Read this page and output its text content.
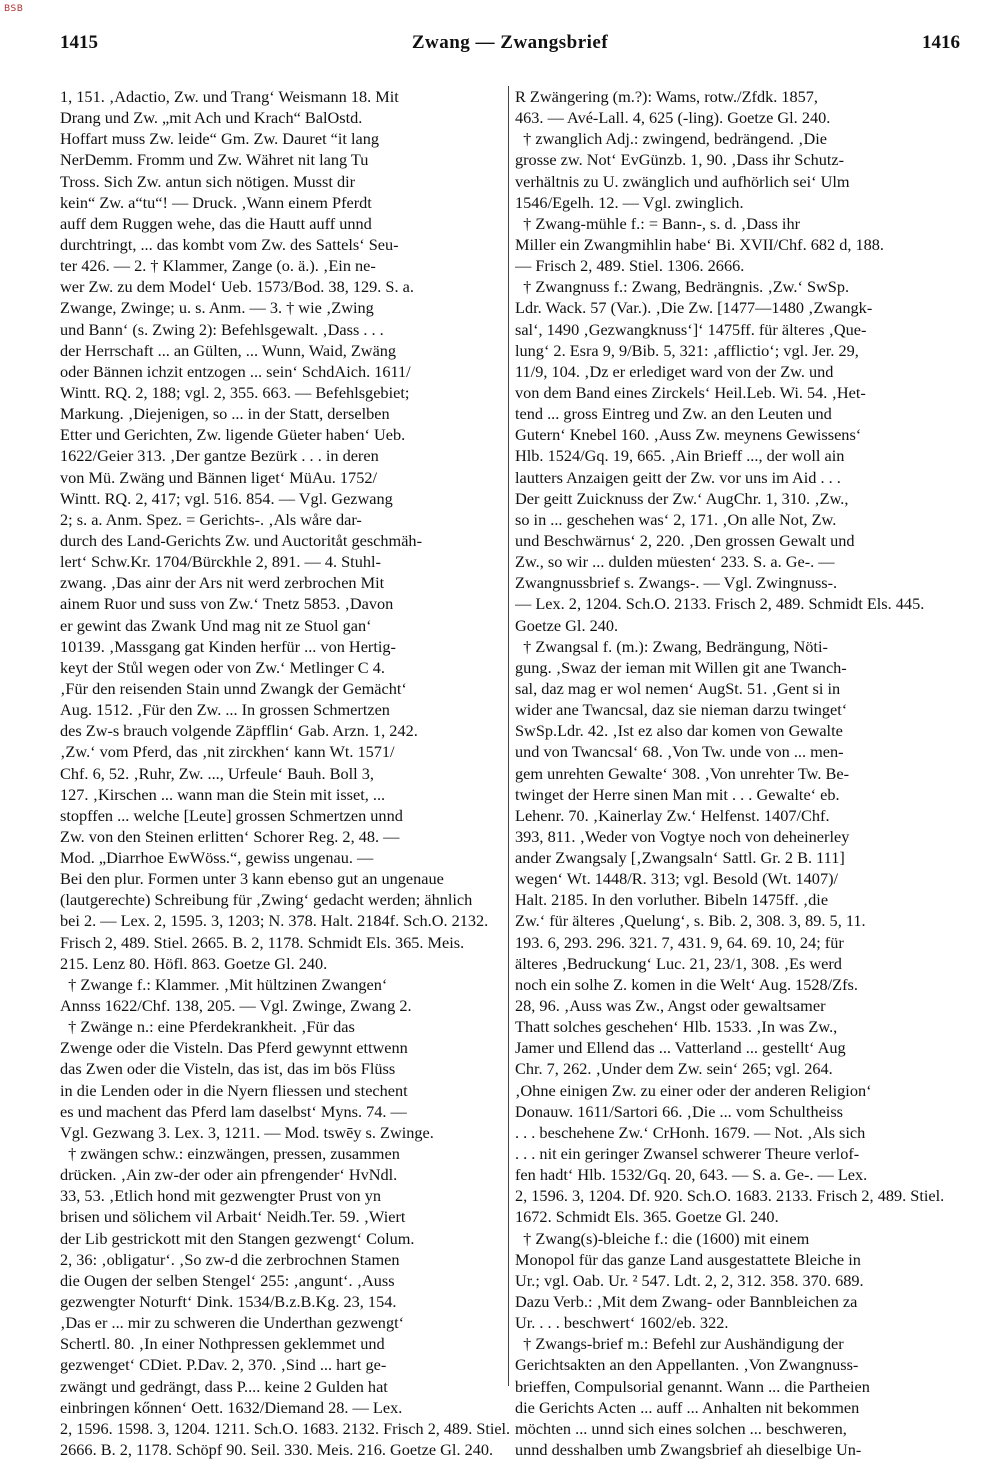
BSB
1415	Zwang — Zwangsbrief	1416
1, 151. ‚Adactio, Zw. und Trang‘ Weismann 18. Mit
Drang und Zw. „mit Ach und Krach“ BalOstd.
Hoffart muss Zw. leide“ Gm. Zw. Dauret “it lang
NerDemm. Fromm und Zw. Währet nit lang Tu
Tross. Sich Zw. antun sich nötigen. Musst dir
kein“ Zw. a“tu“! — Druck. ‚Wann einem Pferdt
auff dem Ruggen wehe, das die Hautt auff unnd
durchtringt, ... das kombt vom Zw. des Sattels‘ Seu-
ter 426. — 2. † Klammer, Zange (o. ä.). ‚Ein ne-
wer Zw. zu dem Model‘ Ueb. 1573/Bod. 38, 129. S. a.
Zwange, Zwinge; u. s. Anm. — 3. † wie ‚Zwing
und Bann‘ (s. Zwing 2): Befehlsgewalt. ‚Dass . . .
der Herrschaft ... an Gülten, ... Wunn, Waid, Zwäng
oder Bännen ichzit entzogen ... sein‘ SchdAich. 1611/
Wintt. RQ. 2, 188; vgl. 2, 355. 663. — Befehlsgebiet;
Markung. ‚Diejenigen, so ... in der Statt, derselben
Etter und Gerichten, Zw. ligende Güeter haben‘ Ueb.
1622/Geier 313. ‚Der gantze Bezürk . . . in deren
von Mü. Zwäng und Bännen liget‘ MüAu. 1752/
Wintt. RQ. 2, 417; vgl. 516. 854. — Vgl. Gezwang
2; s. a. Anm. Spez. = Gerichts-. ‚Als wåre dar-
durch des Land-Gerichts Zw. und Auctoritåt geschmäh-
lert‘ Schw.Kr. 1704/Bürckhle 2, 891. — 4. Stuhl-
zwang. ‚Das ainr der Ars nit werd zerbrochen Mit
ainem Ruor und suss von Zw.‘ Tnetz 5853. ‚Davon
er gewint das Zwank Und mag nit ze Stuol gan‘
10139. ‚Massgang gat Kinden herfür ... von Hertig-
keyt der Stůl wegen oder von Zw.‘ Metlinger C 4.
‚Für den reisenden Stain unnd Zwangk der Gemächt‘
Aug. 1512. ‚Für den Zw. ... In grossen Schmertzen
des Zw-s brauch volgende Zäpfflin‘ Gab. Arzn. 1, 242.
‚Zw.‘ vom Pferd, das ‚nit zirckhen‘ kann Wt. 1571/
Chf. 6, 52. ‚Ruhr, Zw. ..., Urfeule‘ Bauh. Boll 3,
127. ‚Kirschen ... wann man die Stein mit isset, ...
stopffen ... welche [Leute] grossen Schmertzen unnd
Zw. von den Steinen erlitten‘ Schorer Reg. 2, 48. —
Mod. „Diarrhoe EwWöss.“, gewiss ungenau. —
Bei den plur. Formen unter 3 kann ebenso gut an ungenaue
(lautgerechte) Schreibung für ‚Zwing‘ gedacht werden; ähnlich
bei 2. — Lex. 2, 1595. 3, 1203; N. 378. Halt. 2184f. Sch.O. 2132.
Frisch 2, 489. Stiel. 2665. B. 2, 1178. Schmidt Els. 365. Meis.
215. Lenz 80. Höfl. 863. Goetze Gl. 240.
† Zwange f.: Klammer. ‚Mit hültzinen Zwangen‘
Annss 1622/Chf. 138, 205. — Vgl. Zwinge, Zwang 2.
† Zwänge n.: eine Pferdekrankheit. ‚Für das
Zwenge oder die Visteln. Das Pferd gewynnt ettwenn
das Zwen oder die Visteln, das ist, das im bös Flüss
in die Lenden oder in die Nyern fliessen und stechent
es und machent das Pferd lam daselbst‘ Myns. 74. —
Vgl. Gezwang 3. Lex. 3, 1211. — Mod. tswēy s. Zwinge.
† zwängen schw.: einzwängen, pressen, zusammen
drücken. ‚Ain zw-der oder ain pfrengender‘ HvNdl.
33, 53. ‚Etlich hond mit gezwengter Prust von yn
brisen und sölichem vil Arbait‘ Neidh.Ter. 59. ‚Wiert
der Lib gestrickott mit den Stangen gezwengt‘ Colum.
2, 36: ‚obligatur‘. ‚So zw-d die zerbrochnen Stamen
die Ougen der selben Stengel‘ 255: ‚angunt‘. ‚Auss
gezwengter Noturft‘ Dink. 1534/B.z.B.Kg. 23, 154.
‚Das er ... mir zu schweren die Underthan gezwengt‘
Schertl. 80. ‚In einer Nothpressen geklemmet und
gezwenget‘ CDiet. P.Dav. 2, 370. ‚Sind ... hart ge-
zwängt und gedrängt, dass P.... keine 2 Gulden hat
einbringen kőnnen‘ Oett. 1632/Diemand 28. — Lex.
2, 1596. 1598. 3, 1204. 1211. Sch.O. 1683. 2132. Frisch 2, 489. Stiel.
2666. B. 2, 1178. Schöpf 90. Seil. 330. Meis. 216. Goetze Gl. 240.
R Zwängering (m.?): Wams, rotw./Zfdk. 1857,
463. — Avé-Lall. 4, 625 (-ling). Goetze Gl. 240.
† zwanglich Adj.: zwingend, bedrängend. ‚Die
grosse zw. Not‘ EvGünzb. 1, 90. ‚Dass ihr Schutz-
verhältnis zu U. zwänglich und aufhörlich sei‘ Ulm
1546/Egelh. 12. — Vgl. zwinglich.
† Zwang-mühle f.: = Bann-, s. d. ‚Dass ihr
Miller ein Zwangmihlin habe‘ Bi. XVII/Chf. 682 d, 188.
— Frisch 2, 489. Stiel. 1306. 2666.
† Zwangnuss f.: Zwang, Bedrängnis. ‚Zw.‘ SwSp.
Ldr. Wack. 57 (Var.). ‚Die Zw. [1477—1480 ‚Zwangk-
sal‘, 1490 ‚Gezwangknuss‘]‘ 1475ff. für älteres ‚Que-
lung‘ 2. Esra 9, 9/Bib. 5, 321: ‚afflictio‘; vgl. Jer. 29,
11/9, 104. ‚Dz er erlediget ward von der Zw. und
von dem Band eines Zirckels‘ Heil.Leb. Wi. 54. ‚Het-
tend ... gross Eintreg und Zw. an den Leuten und
Gutern‘ Knebel 160. ‚Auss Zw. meynens Gewissens‘
Hlb. 1524/Gq. 19, 665. ‚Ain Brieff ..., der woll ain
lautters Anzaigen geitt der Zw. vor uns im Aid . . .
Der geitt Zuicknuss der Zw.‘ AugChr. 1, 310. ‚Zw.,
so in ... geschehen was‘ 2, 171. ‚On alle Not, Zw.
und Beschwärnus‘ 2, 220. ‚Den grossen Gewalt und
Zw., so wir ... dulden müesten‘ 233. S. a. Ge-. —
Zwangnussbrief s. Zwangs-. — Vgl. Zwingnuss-.
— Lex. 2, 1204. Sch.O. 2133. Frisch 2, 489. Schmidt Els. 445.
Goetze Gl. 240.
† Zwangsal f. (m.): Zwang, Bedrängung, Nöti-
gung. ‚Swaz der ieman mit Willen git ane Twanch-
sal, daz mag er wol nemen‘ AugSt. 51. ‚Gent si in
wider ane Twancsal, daz sie nieman darzu twinget‘
SwSp.Ldr. 42. ‚Ist ez also dar komen von Gewalte
und von Twancsal‘ 68. ‚Von Tw. unde von ... men-
gem unrehten Gewalte‘ 308. ‚Von unrehter Tw. Be-
twinget der Herre sinen Man mit . . . Gewalte‘ eb.
Lehenr. 70. ‚Kainerlay Zw.‘ Helfenst. 1407/Chf.
393, 811. ‚Weder von Vogtye noch von deheinerley
ander Zwangsaly [‚Zwangsaln‘ Sattl. Gr. 2 B. 111]
wegen‘ Wt. 1448/R. 313; vgl. Besold (Wt. 1407)/
Halt. 2185. In den vorluther. Bibeln 1475ff. ‚die
Zw.‘ für älteres ‚Quelung‘, s. Bib. 2, 308. 3, 89. 5, 11.
193. 6, 293. 296. 321. 7, 431. 9, 64. 69. 10, 24; für
älteres ‚Bedruckung‘ Luc. 21, 23/1, 308. ‚Es werd
noch ein solhe Z. komen in die Welt‘ Aug. 1528/Zfs.
28, 96. ‚Auss was Zw., Angst oder gewaltsamer
Thatt solches geschehen‘ Hlb. 1533. ‚In was Zw.,
Jamer und Ellend das ... Vatterland ... gestellt‘ Aug
Chr. 7, 262. ‚Under dem Zw. sein‘ 265; vgl. 264.
‚Ohne einigen Zw. zu einer oder der anderen Religion‘
Donauw. 1611/Sartori 66. ‚Die ... vom Schultheiss
. . . beschehene Zw.‘ CrHonh. 1679. — Not. ‚Als sich
. . . nit ein geringer Zwansel schwerer Theure verlof-
fen hadt‘ Hlb. 1532/Gq. 20, 643. — S. a. Ge-. — Lex.
2, 1596. 3, 1204. Df. 920. Sch.O. 1683. 2133. Frisch 2, 489. Stiel.
1672. Schmidt Els. 365. Goetze Gl. 240.
† Zwang(s)-bleiche f.: die (1600) mit einem
Monopol für das ganze Land ausgestattete Bleiche in
Ur.; vgl. Oab. Ur. ² 547. Ldt. 2, 2, 312. 358. 370. 689.
Dazu Verb.: ‚Mit dem Zwang- oder Bannbleichen za
Ur. . . . beschwert‘ 1602/eb. 322.
† Zwangs-brief m.: Befehl zur Aushändigung der
Gerichtsakten an den Appellanten. ‚Von Zwangnuss-
brieffen, Compulsorial genannt. Wann ... die Partheien
die Gerichts Acten ... auff ... Anhalten nit bekommen
möchten ... unnd sich eines solchen ... beschweren,
unnd desshalben umb Zwangsbrief ah dieselbige Un-
